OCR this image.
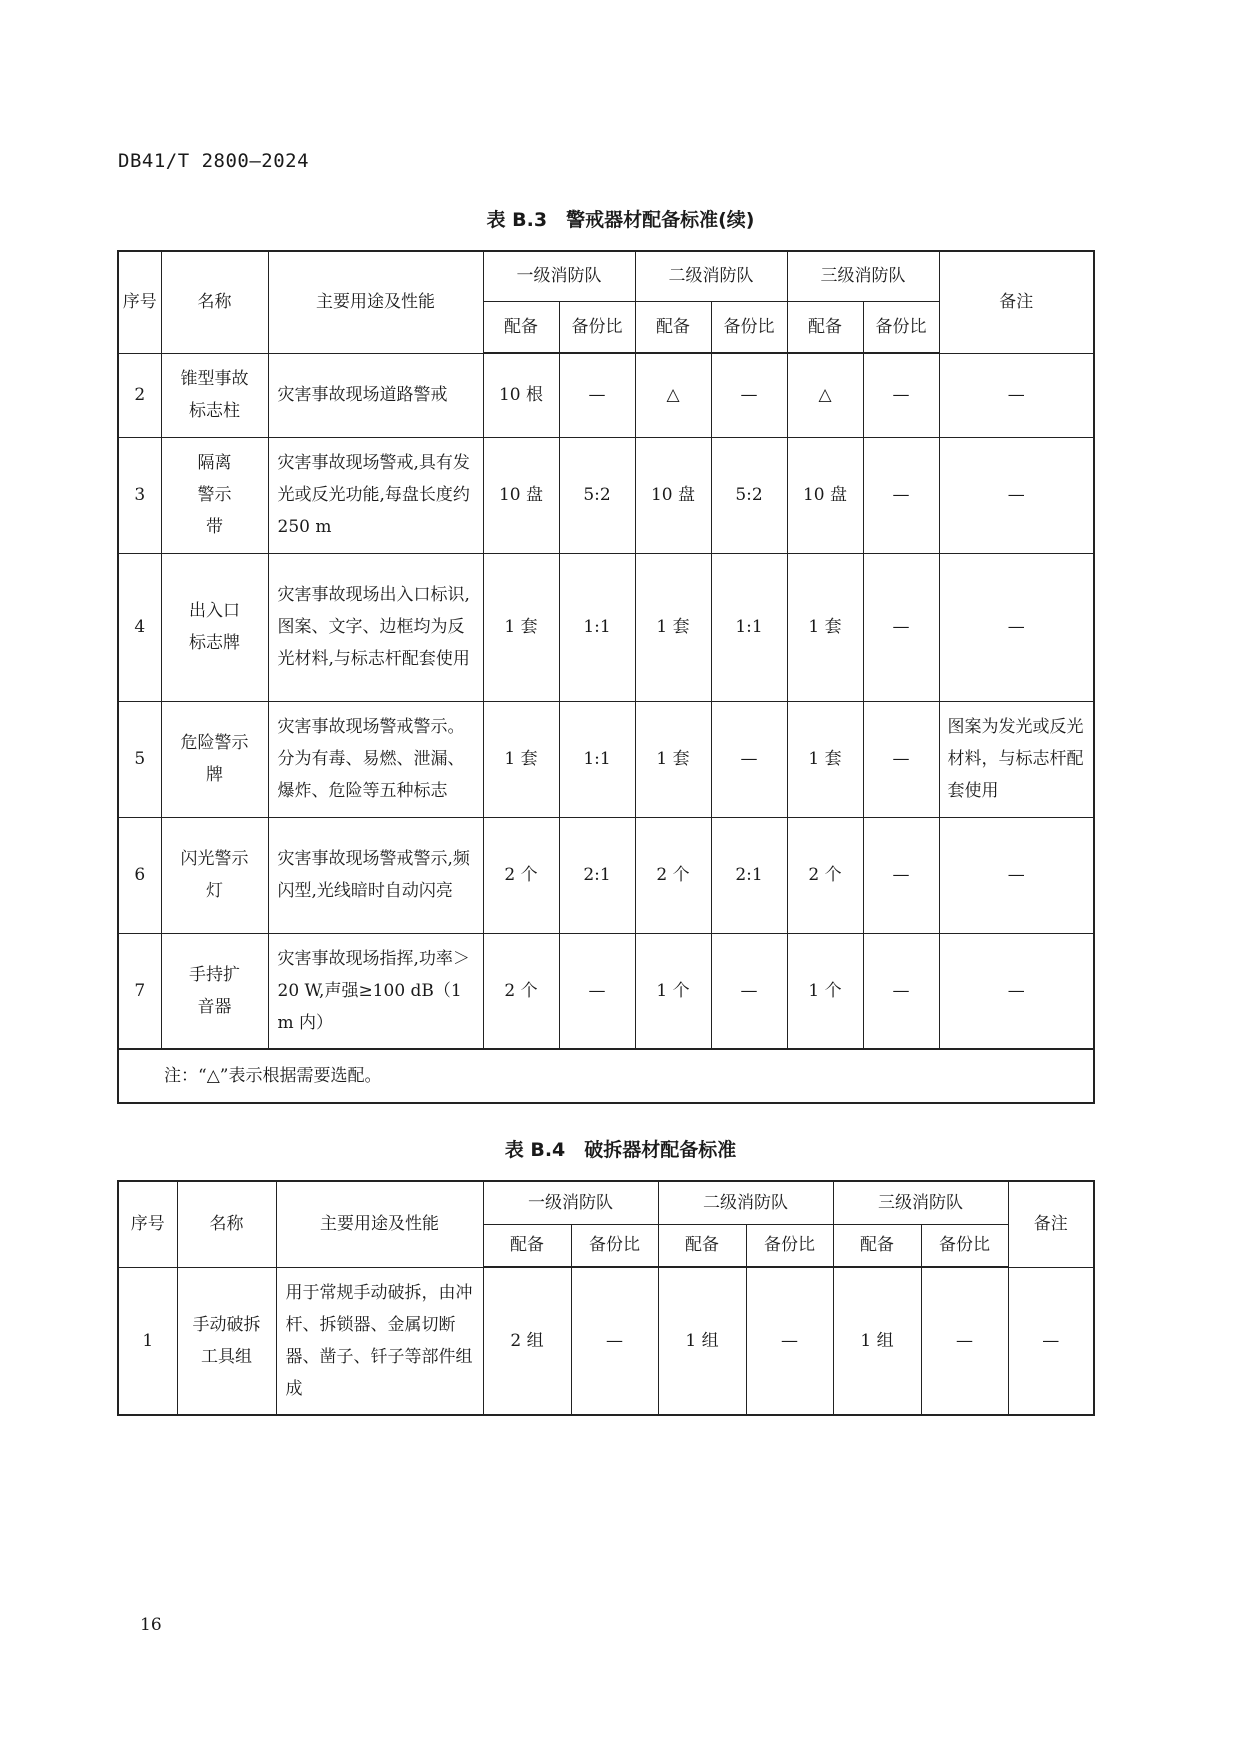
DB41/T 2800—2024
表 B.3　警戒器材配备标准(续)
序号	名称	主要用途及性能	一级消防队		二级消防队		三级消防队		备注
			配备	备份比	配备	备份比	配备	备份比	
2	锥型事故标志柱	灾害事故现场道路警戒	10 根	—	△	—	△	—	—
3	隔离警示带	灾害事故现场警戒,具有发光或反光功能,每盘长度约 250 m	10 盘	5:2	10 盘	5:2	10 盘	—	—
4	出入口标志牌	灾害事故现场出入口标识,图案、文字、边框均为反光材料,与标志杆配套使用	1 套	1:1	1 套	1:1	1 套	—	—
5	危险警示牌	灾害事故现场警戒警示。分为有毒、易燃、泄漏、爆炸、危险等五种标志	1 套	1:1	1 套	—	1 套	—	图案为发光或反光材料，与标志杆配套使用
6	闪光警示灯	灾害事故现场警戒警示,频闪型,光线暗时自动闪亮	2 个	2:1	2 个	2:1	2 个	—	—
7	手持扩音器	灾害事故现场指挥,功率＞20 W,声强≥100 dB（1 m 内）	2 个	—	1 个	—	1 个	—	—
注：“△”表示根据需要选配。									
表 B.4　破拆器材配备标准
序号	名称	主要用途及性能	一级消防队		二级消防队		三级消防队		备注
			配备	备份比	配备	备份比	配备	备份比	
1	手动破拆工具组	用于常规手动破拆，由冲杆、拆锁器、金属切断器、凿子、钎子等部件组成	2 组	—	1 组	—	1 组	—	—
16
